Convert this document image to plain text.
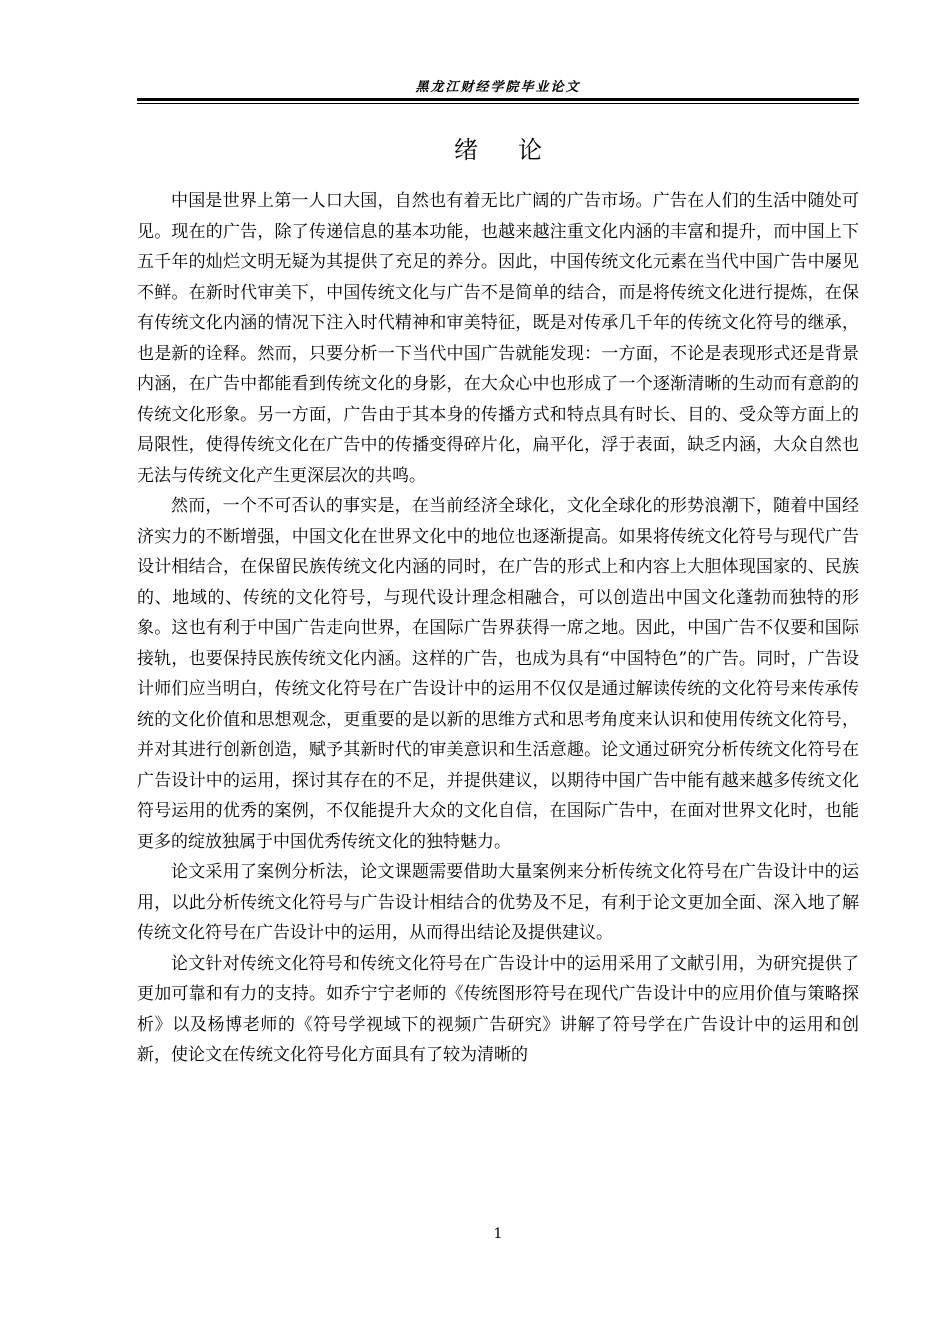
黑龙江财经学院毕业论文
绪论

中国是世界上第一人口大国，自然也有着无比广阔的广告市场。广告在人们的生活中随处可见。现在的广告，除了传递信息的基本功能，也越来越注重文化内涵的丰富和提升，而中国上下五千年的灿烂文明无疑为其提供了充足的养分。因此，中国传统文化元素在当代中国广告中屡见不鲜。在新时代审美下，中国传统文化与广告不是简单的结合，而是将传统文化进行提炼，在保有传统文化内涵的情况下注入时代精神和审美特征，既是对传承几千年的传统文化符号的继承，也是新的诠释。然而，只要分析一下当代中国广告就能发现：一方面，不论是表现形式还是背景内涵，在广告中都能看到传统文化的身影，在大众心中也形成了一个逐渐清晰的生动而有意韵的传统文化形象。另一方面，广告由于其本身的传播方式和特点具有时长、目的、受众等方面上的局限性，使得传统文化在广告中的传播变得碎片化，扁平化，浮于表面，缺乏内涵，大众自然也无法与传统文化产生更深层次的共鸣。

然而，一个不可否认的事实是，在当前经济全球化，文化全球化的形势浪潮下，随着中国经济实力的不断增强，中国文化在世界文化中的地位也逐渐提高。如果将传统文化符号与现代广告设计相结合，在保留民族传统文化内涵的同时，在广告的形式上和内容上大胆体现国家的、民族的、地域的、传统的文化符号，与现代设计理念相融合，可以创造出中国文化蓬勃而独特的形象。这也有利于中国广告走向世界，在国际广告界获得一席之地。因此，中国广告不仅要和国际接轨，也要保持民族传统文化内涵。这样的广告，也成为具有“中国特色”的广告。同时，广告设计师们应当明白，传统文化符号在广告设计中的运用不仅仅是通过解读传统的文化符号来传承传统的文化价值和思想观念，更重要的是以新的思维方式和思考角度来认识和使用传统文化符号，并对其进行创新创造，赋予其新时代的审美意识和生活意趣。论文通过研究分析传统文化符号在广告设计中的运用，探讨其存在的不足，并提供建议，以期待中国广告中能有越来越多传统文化符号运用的优秀的案例，不仅能提升大众的文化自信，在国际广告中，在面对世界文化时，也能更多的绽放独属于中国优秀传统文化的独特魅力。

论文采用了案例分析法，论文课题需要借助大量案例来分析传统文化符号在广告设计中的运用，以此分析传统文化符号与广告设计相结合的优势及不足，有利于论文更加全面、深入地了解传统文化符号在广告设计中的运用，从而得出结论及提供建议。

论文针对传统文化符号和传统文化符号在广告设计中的运用采用了文献引用，为研究提供了更加可靠和有力的支持。如乔宁宁老师的《传统图形符号在现代广告设计中的应用价值与策略探析》以及杨博老师的《符号学视域下的视频广告研究》讲解了符号学在广告设计中的运用和创新，使论文在传统文化符号化方面具有了较为清晰的

1
